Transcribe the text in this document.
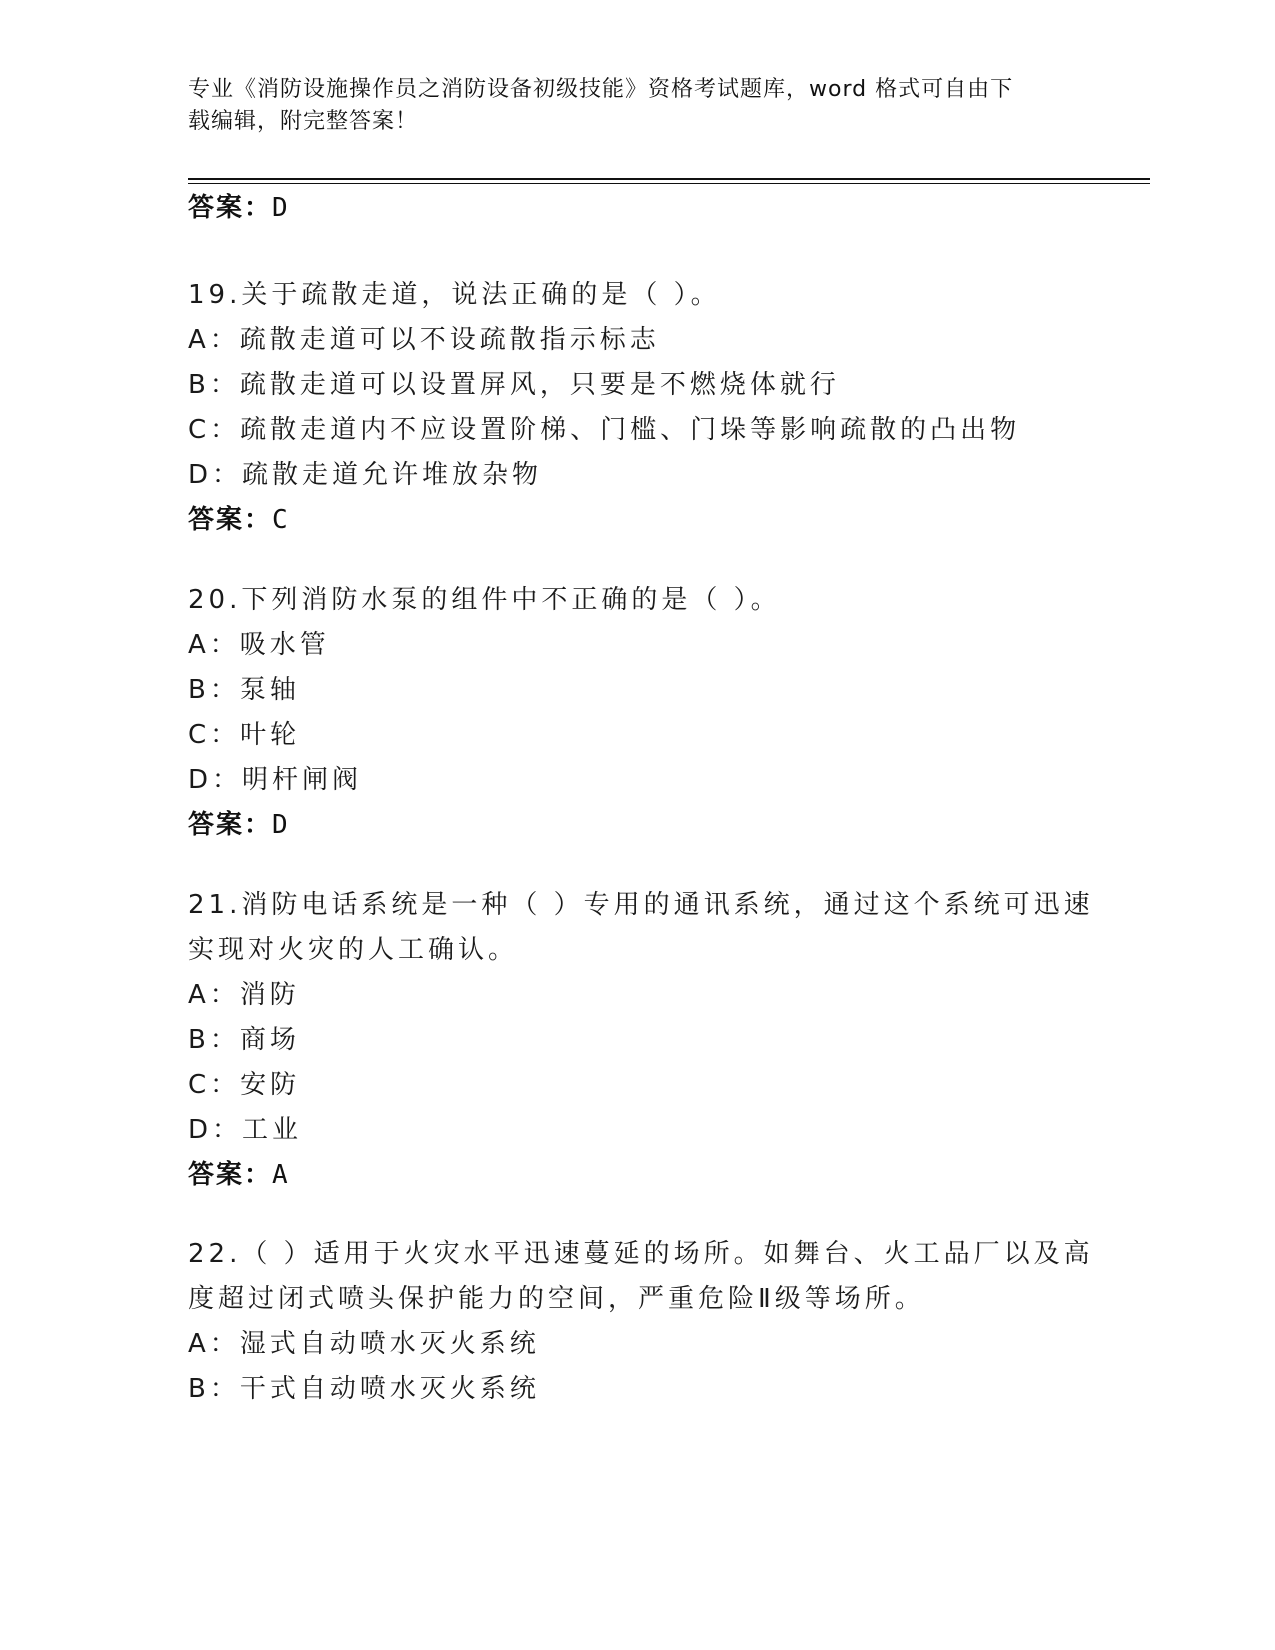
专业《消防设施操作员之消防设备初级技能》资格考试题库，word 格式可自由下
载编辑，附完整答案！
答案：D
19.关于疏散走道，说法正确的是（ ）。
A：疏散走道可以不设疏散指示标志
B：疏散走道可以设置屏风，只要是不燃烧体就行
C：疏散走道内不应设置阶梯、门槛、门垛等影响疏散的凸出物
D：疏散走道允许堆放杂物
答案：C
20.下列消防水泵的组件中不正确的是（ ）。
A：吸水管
B：泵轴
C：叶轮
D：明杆闸阀
答案：D
21.消防电话系统是一种（ ）专用的通讯系统，通过这个系统可迅速
实现对火灾的人工确认。
A：消防
B：商场
C：安防
D：工业
答案：A
22.（ ）适用于火灾水平迅速蔓延的场所。如舞台、火工品厂以及高
度超过闭式喷头保护能力的空间，严重危险Ⅱ级等场所。
A：湿式自动喷水灭火系统
B：干式自动喷水灭火系统
